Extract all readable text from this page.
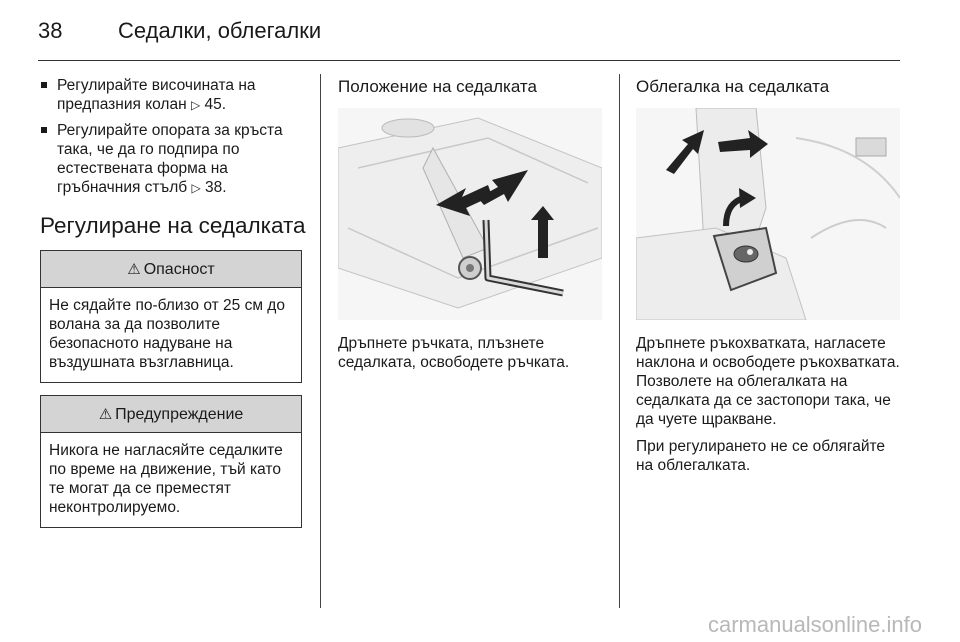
38	Седалки, облегалки
Регулирайте височината на предпазния колан ▷ 45.
Регулирайте опората за кръста така, че да го подпира по естествената форма на гръбначния стълб ▷ 38.
Регулиране на седалката
⚠ Опасност
Не сядайте по-близо от 25 см до волана за да позволите безопасното надуване на въздушната възглавница.
⚠ Предупреждение
Никога не нагласяйте седалките по време на движение, тъй като те могат да се преместят неконтролируемо.
Положение на седалката

Дръпнете ръчката, плъзнете седалката, освободете ръчката.

Облегалка на седалката

Дръпнете ръкохватката, нагласете наклона и освободете ръкохватката. Позволете на облегалката на седалката да се застопори така, че да чуете щракване.

При регулирането не се облягайте на облегалката.

carmanualsonline.info
